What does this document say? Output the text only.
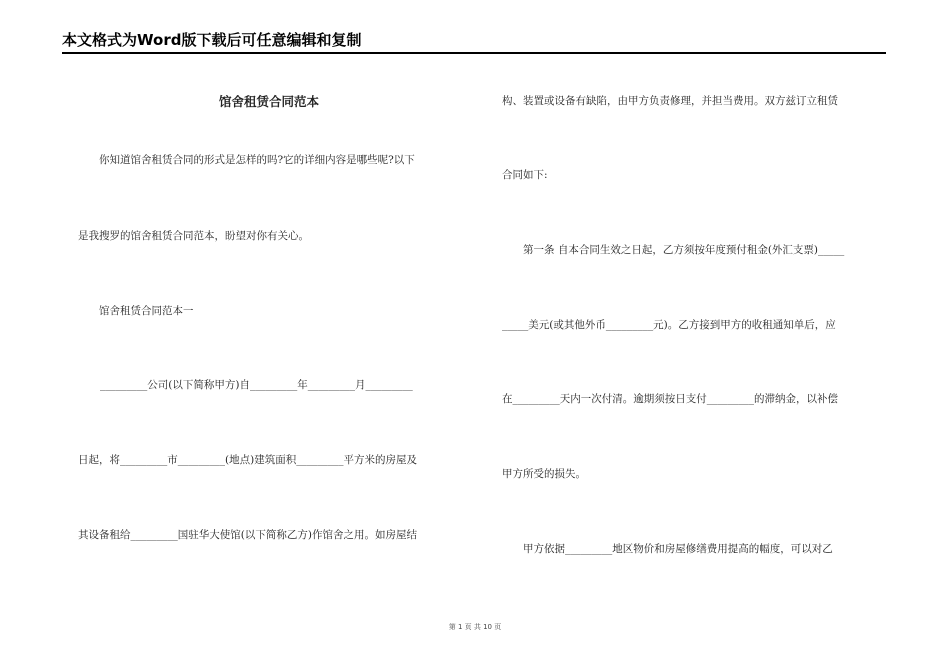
本文格式为Word版下载后可任意编辑和复制
馆舍租赁合同范本
　　你知道馆舍租赁合同的形式是怎样的吗?它的详细内容是哪些呢?以下
是我搜罗的馆舍租赁合同范本，盼望对你有关心。
　　馆舍租赁合同范本一
_________公司(以下简称甲方)自_________年_________月_________
日起，将_________市_________(地点)建筑面积_________平方米的房屋及
其设备租给_________国驻华大使馆(以下简称乙方)作馆舍之用。如房屋结
构、装置或设备有缺陷，由甲方负责修理，并担当费用。双方兹订立租赁
合同如下:
　　第一条 自本合同生效之日起，乙方须按年度预付租金(外汇支票)_____
_____美元(或其他外币_________元)。乙方接到甲方的收租通知单后，应
在_________天内一次付清。逾期须按日支付_________的滞纳金，以补偿
甲方所受的损失。
　　甲方依据_________地区物价和房屋修缮费用提高的幅度，可以对乙
第 1 页 共 10 页
